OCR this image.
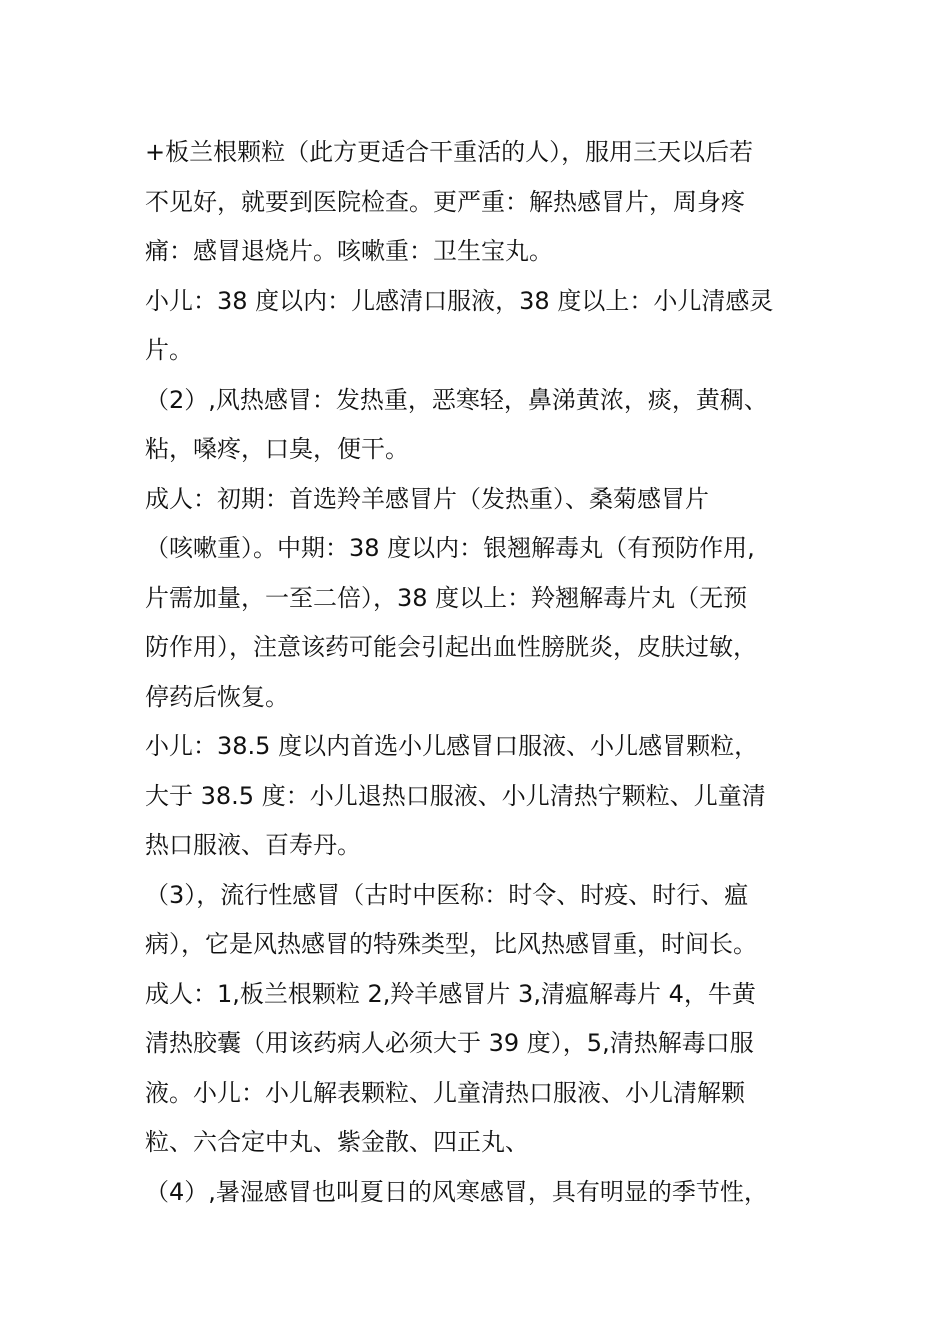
+板兰根颗粒（此方更适合干重活的人），服用三天以后若
不见好，就要到医院检查。更严重：解热感冒片，周身疼
痛：感冒退烧片。咳嗽重：卫生宝丸。
小儿：38 度以内：儿感清口服液，38 度以上：小儿清感灵
片。
（2）,风热感冒：发热重，恶寒轻，鼻涕黄浓，痰，黄稠、
粘，嗓疼，口臭，便干。
成人：初期：首选羚羊感冒片（发热重）、桑菊感冒片
（咳嗽重）。中期：38 度以内：银翘解毒丸（有预防作用,
片需加量，一至二倍），38 度以上：羚翘解毒片丸（无预
防作用），注意该药可能会引起出血性膀胱炎，皮肤过敏，
停药后恢复。
小儿：38.5 度以内首选小儿感冒口服液、小儿感冒颗粒，
大于 38.5 度：小儿退热口服液、小儿清热宁颗粒、儿童清
热口服液、百寿丹。
（3），流行性感冒（古时中医称：时令、时疫、时行、瘟
病），它是风热感冒的特殊类型，比风热感冒重，时间长。
成人：1,板兰根颗粒 2,羚羊感冒片 3,清瘟解毒片 4，牛黄
清热胶囊（用该药病人必须大于 39 度），5,清热解毒口服
液。小儿：小儿解表颗粒、儿童清热口服液、小儿清解颗
粒、六合定中丸、紫金散、四正丸、
（4）,暑湿感冒也叫夏日的风寒感冒，具有明显的季节性，
